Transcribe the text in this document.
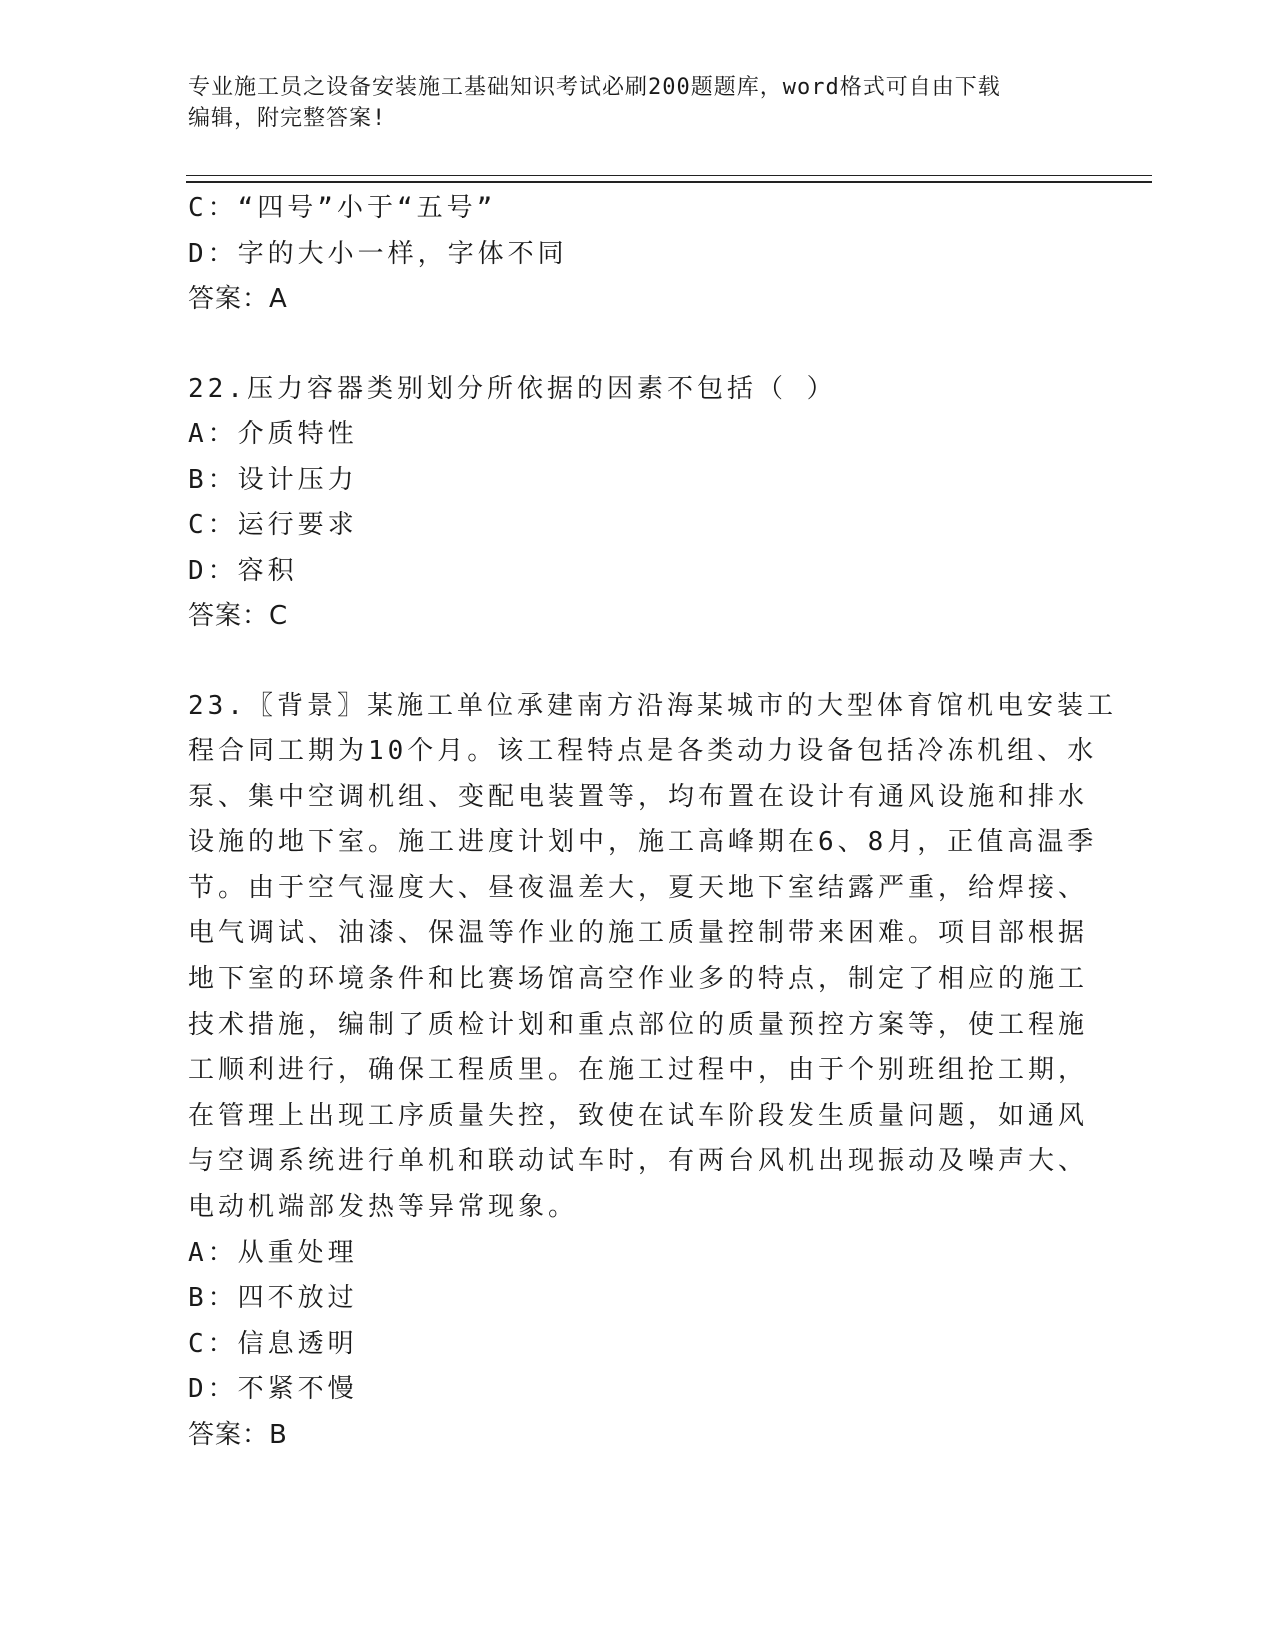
专业施工员之设备安装施工基础知识考试必刷200题题库，word格式可自由下载
编辑，附完整答案!
C：“四号”小于“五号”
D：字的大小一样，字体不同
答案：A
22.压力容器类别划分所依据的因素不包括（ ）
A：介质特性
B：设计压力
C：运行要求
D：容积
答案：C
23.〖背景〗某施工单位承建南方沿海某城市的大型体育馆机电安装工
程合同工期为10个月。该工程特点是各类动力设备包括冷冻机组、水
泵、集中空调机组、变配电装置等，均布置在设计有通风设施和排水
设施的地下室。施工进度计划中，施工高峰期在6、8月，正值高温季
节。由于空气湿度大、昼夜温差大，夏天地下室结露严重，给焊接、
电气调试、油漆、保温等作业的施工质量控制带来困难。项目部根据
地下室的环境条件和比赛场馆高空作业多的特点，制定了相应的施工
技术措施，编制了质检计划和重点部位的质量预控方案等，使工程施
工顺利进行，确保工程质里。在施工过程中，由于个别班组抢工期，
在管理上出现工序质量失控，致使在试车阶段发生质量问题，如通风
与空调系统进行单机和联动试车时，有两台风机出现振动及噪声大、
电动机端部发热等异常现象。
A：从重处理
B：四不放过
C：信息透明
D：不紧不慢
答案：B
